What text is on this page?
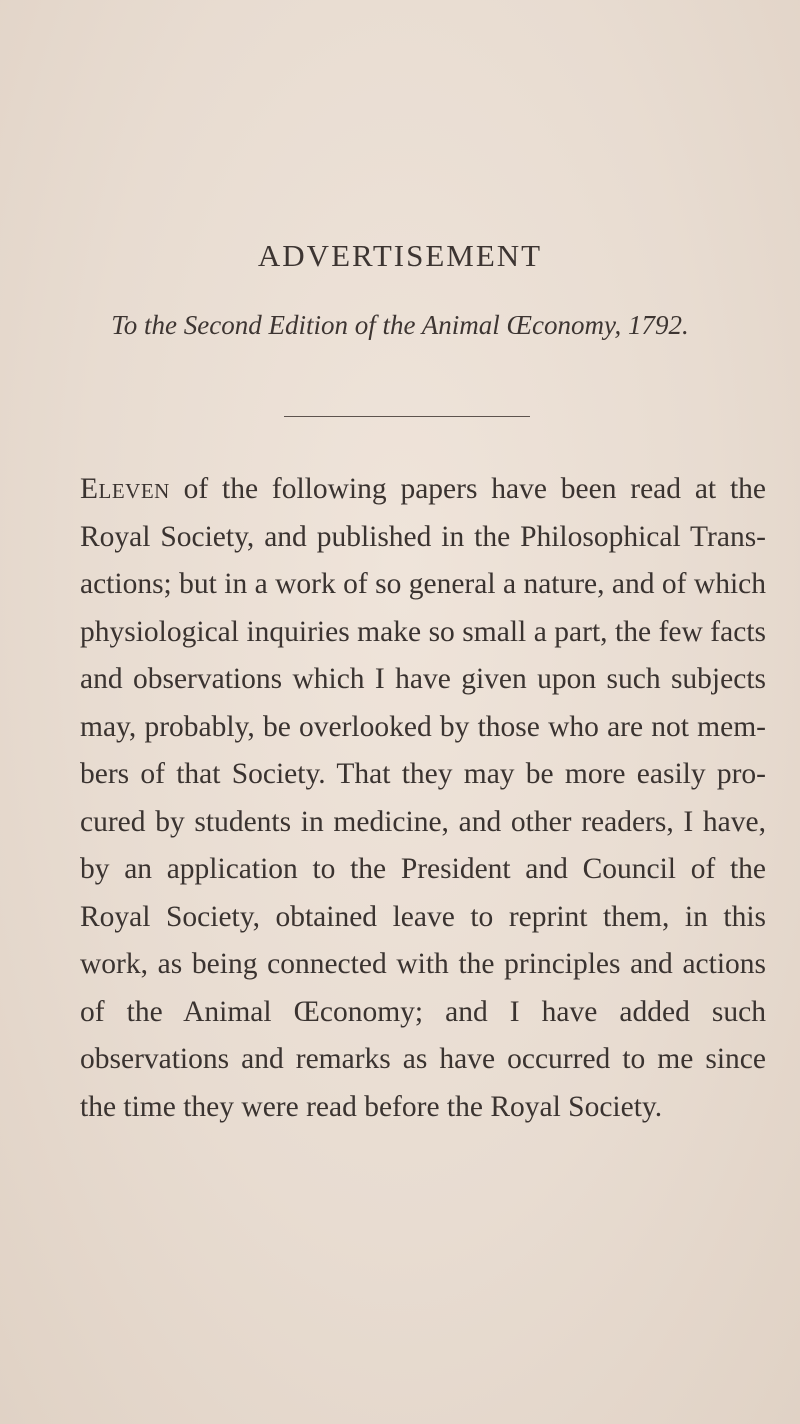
ADVERTISEMENT

To the Second Edition of the Animal Œconomy, 1792.

Eleven of the following papers have been read at the Royal Society, and published in the Philosophical Trans-actions; but in a work of so general a nature, and of which physiological inquiries make so small a part, the few facts and observations which I have given upon such subjects may, probably, be overlooked by those who are not mem-bers of that Society. That they may be more easily pro-cured by students in medicine, and other readers, I have, by an application to the President and Council of the Royal Society, obtained leave to reprint them, in this work, as being connected with the principles and actions of the Animal Œconomy; and I have added such observations and remarks as have occurred to me since the time they were read before the Royal Society.
